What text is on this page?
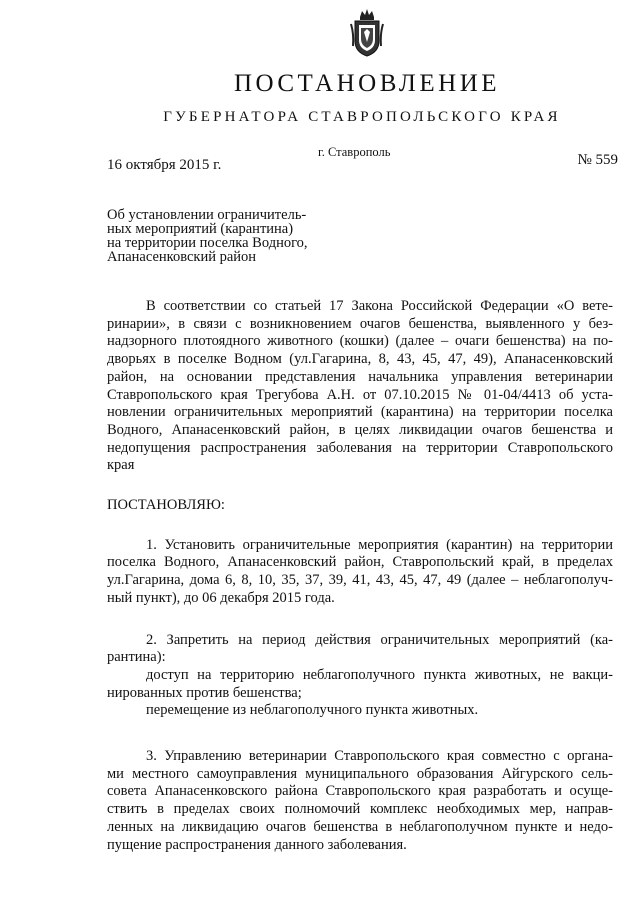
ПОСТАНОВЛЕНИЕ
ГУБЕРНАТОРА СТАВРОПОЛЬСКОГО КРАЯ
г. Ставрополь
16 октября 2015 г.	№ 559
Об установлении ограничитель-
ных мероприятий (карантина)
на территории поселка Водного,
Апанасенковский район
В соответствии со статьей 17 Закона Российской Федерации «О вете-
ринарии», в связи с возникновением очагов бешенства, выявленного у без-
надзорного плотоядного животного (кошки) (далее – очаги бешенства) на по-
дворьях в поселке Водном (ул.Гагарина, 8, 43, 45, 47, 49), Апанасенковский
район, на основании представления начальника управления ветеринарии
Ставропольского края Трегубова А.Н. от 07.10.2015 № 01-04/4413 об уста-
новлении ограничительных мероприятий (карантина) на территории поселка
Водного, Апанасенковский район, в целях ликвидации очагов бешенства и
недопущения распространения заболевания на территории Ставропольского
края
ПОСТАНОВЛЯЮ:
1. Установить ограничительные мероприятия (карантин) на территории
поселка Водного, Апанасенковский район, Ставропольский край, в пределах
ул.Гагарина, дома 6, 8, 10, 35, 37, 39, 41, 43, 45, 47, 49 (далее – неблагополуч-
ный пункт), до 06 декабря 2015 года.
2. Запретить на период действия ограничительных мероприятий (ка-
рантина):
доступ на территорию неблагополучного пункта животных, не вакци-
нированных против бешенства;
перемещение из неблагополучного пункта животных.
3. Управлению ветеринарии Ставропольского края совместно с органа-
ми местного самоуправления муниципального образования Айгурского сель-
совета Апанасенковского района Ставропольского края разработать и осуще-
ствить в пределах своих полномочий комплекс необходимых мер, направ-
ленных на ликвидацию очагов бешенства в неблагополучном пункте и недо-
пущение распространения данного заболевания.
